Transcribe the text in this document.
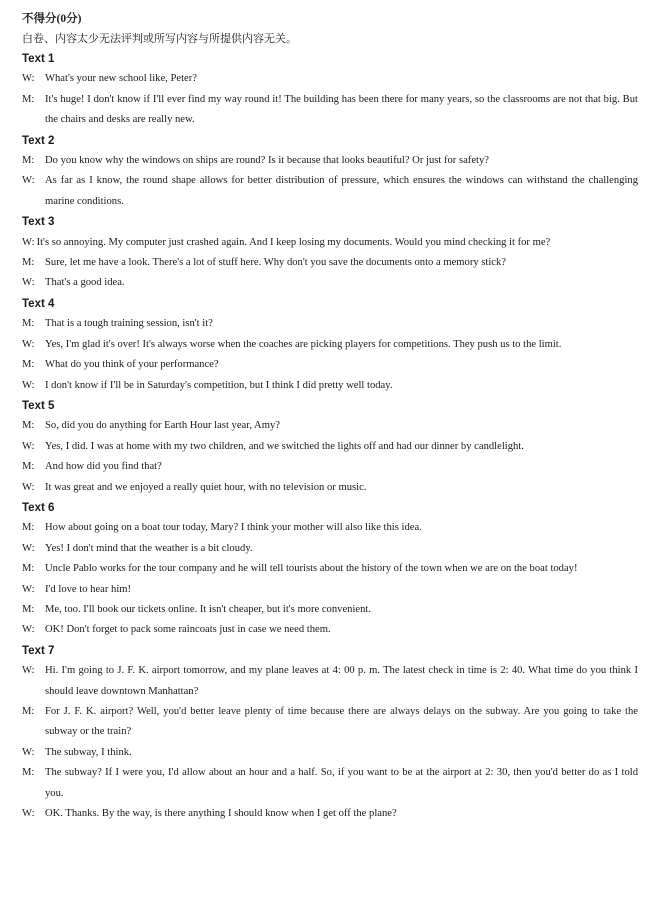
不得分(0分)
白卷、内容太少无法评判或所写内容与所提供内容无关。
Text 1
W: What's your new school like, Peter?
M:	It's huge! I don't know if I'll ever find my way round it! The building has been there for many years, so the classrooms are not that big. But the chairs and desks are really new.
Text 2
M:	Do you know why the windows on ships are round? Is it because that looks beautiful? Or just for safety?
W: As far as I know, the round shape allows for better distribution of pressure, which ensures the windows can withstand the challenging marine conditions.
Text 3
W: It's so annoying. My computer just crashed again. And I keep losing my documents. Would you mind checking it for me?
M:	Sure, let me have a look. There's a lot of stuff here. Why don't you save the documents onto a memory stick?
W: That's a good idea.
Text 4
M:	That is a tough training session, isn't it?
W: Yes, I'm glad it's over! It's always worse when the coaches are picking players for competitions. They push us to the limit.
M:	What do you think of your performance?
W: I don't know if I'll be in Saturday's competition, but I think I did pretty well today.
Text 5
M:	So, did you do anything for Earth Hour last year, Amy?
W: Yes, I did. I was at home with my two children, and we switched the lights off and had our dinner by candlelight.
M:	And how did you find that?
W: It was great and we enjoyed a really quiet hour, with no television or music.
Text 6
M:	How about going on a boat tour today, Mary? I think your mother will also like this idea.
W: Yes! I don't mind that the weather is a bit cloudy.
M:	Uncle Pablo works for the tour company and he will tell tourists about the history of the town when we are on the boat today!
W: I'd love to hear him!
M:	Me, too. I'll book our tickets online. It isn't cheaper, but it's more convenient.
W: OK! Don't forget to pack some raincoats just in case we need them.
Text 7
W: Hi. I'm going to J. F. K. airport tomorrow, and my plane leaves at 4: 00 p. m. The latest check in time is 2: 40. What time do you think I should leave downtown Manhattan?
M:	For J. F. K. airport? Well, you'd better leave plenty of time because there are always delays on the subway. Are you going to take the subway or the train?
W: The subway, I think.
M:	The subway? If I were you, I'd allow about an hour and a half. So, if you want to be at the airport at 2: 30, then you'd better do as I told you.
W: OK. Thanks. By the way, is there anything I should know when I get off the plane?
